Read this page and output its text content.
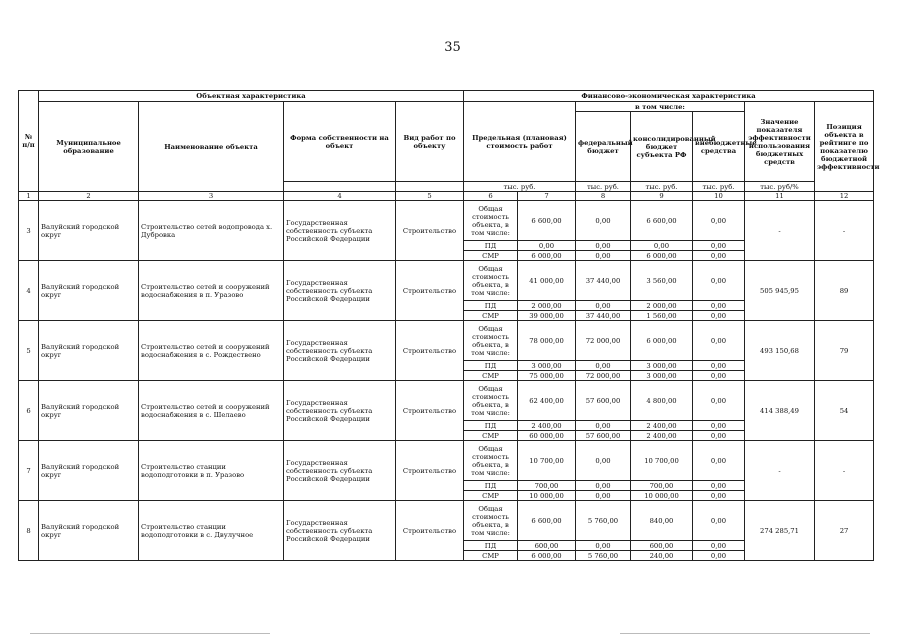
35
№ п/п	Объектная характеристика				Финансово-экономическая характеристика						
	Муниципальное образование	Наименование объекта	Форма собственности на объект	Вид работ по объекту	Предельная (плановая) стоимость работ		в том числе:			Значение показателя эффективности использования бюджетных средств	Позиция объекта в рейтинге по показателю бюджетной эффективности
							федеральный бюджет	консолидированный бюджет субъекта РФ	внебюджетные средства		
					тыс. руб.		тыс. руб.	тыс. руб.	тыс. руб.	тыс. руб/%	
1	2	3	4	5	6	7	8	9	10	11	12
3	Валуйский городской округ	Строительство сетей водопровода х. Дубровка	Государственная собственность субъекта Российской Федерации	Строительство	Общая стоимость объекта, в том числе:	6 600,00	0,00	6 600,00	0,00	-	-
					ПД	0,00	0,00	0,00	0,00		
					СМР	6 000,00	0,00	6 000,00	0,00		
4	Валуйский городской округ	Строительство сетей и сооружений водоснабжения в п. Уразово	Государственная собственность субъекта Российской Федерации	Строительство	Общая стоимость объекта, в том числе:	41 000,00	37 440,00	3 560,00	0,00	505 945,95	89
					ПД	2 000,00	0,00	2 000,00	0,00		
					СМР	39 000,00	37 440,00	1 560,00	0,00		
5	Валуйский городской округ	Строительство сетей и сооружений водоснабжения в с. Рождествено	Государственная собственность субъекта Российской Федерации	Строительство	Общая стоимость объекта, в том числе:	78 000,00	72 000,00	6 000,00	0,00	493 150,68	79
					ПД	3 000,00	0,00	3 000,00	0,00		
					СМР	75 000,00	72 000,00	3 000,00	0,00		
6	Валуйский городской округ	Строительство сетей и сооружений водоснабжения в с. Шелаево	Государственная собственность субъекта Российской Федерации	Строительство	Общая стоимость объекта, в том числе:	62 400,00	57 600,00	4 800,00	0,00	414 388,49	54
					ПД	2 400,00	0,00	2 400,00	0,00		
					СМР	60 000,00	57 600,00	2 400,00	0,00		
7	Валуйский городской округ	Строительство станции водоподготовки в п. Уразово	Государственная собственность субъекта Российской Федерации	Строительство	Общая стоимость объекта, в том числе:	10 700,00	0,00	10 700,00	0,00	-	-
					ПД	700,00	0,00	700,00	0,00		
					СМР	10 000,00	0,00	10 000,00	0,00		
8	Валуйский городской округ	Строительство станции водоподготовки в с. Двулучное	Государственная собственность субъекта Российской Федерации	Строительство	Общая стоимость объекта, в том числе:	6 600,00	5 760,00	840,00	0,00	274 285,71	27
					ПД	600,00	0,00	600,00	0,00		
					СМР	6 000,00	5 760,00	240,00	0,00		
